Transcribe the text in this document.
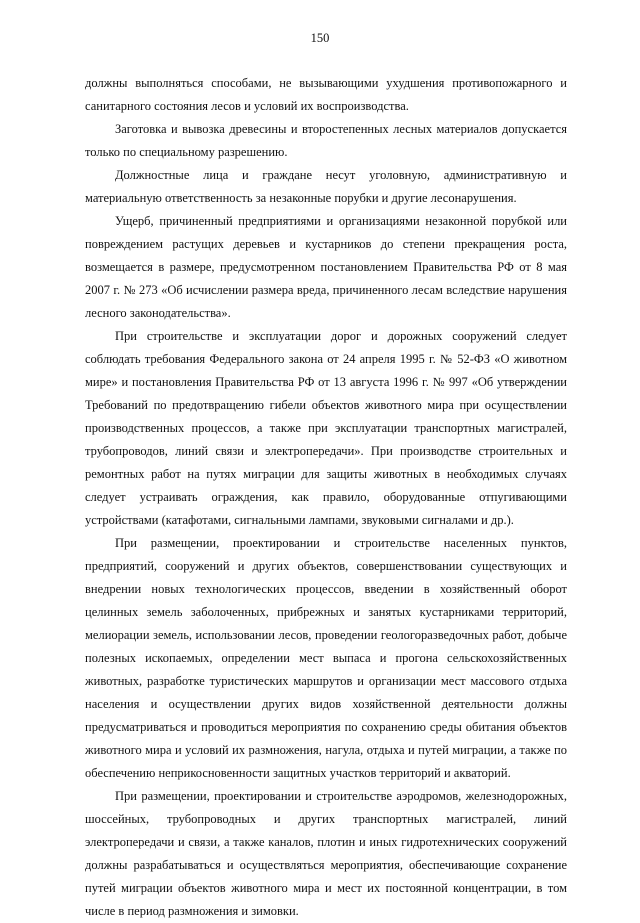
150

должны выполняться способами, не вызывающими ухудшения противопожарного и санитарного состояния лесов и условий их воспроизводства.

Заготовка и вывозка древесины и второстепенных лесных материалов допускается только по специальному разрешению.

Должностные лица и граждане несут уголовную, административную и материальную ответственность за незаконные порубки и другие лесонарушения.

Ущерб, причиненный предприятиями и организациями незаконной порубкой или повреждением растущих деревьев и кустарников до степени прекращения роста, возмещается в размере, предусмотренном постановлением Правительства РФ от 8 мая 2007 г. № 273 «Об исчислении размера вреда, причиненного лесам вследствие нарушения лесного законодательства».

При строительстве и эксплуатации дорог и дорожных сооружений следует соблюдать требования Федерального закона от 24 апреля 1995 г. № 52-ФЗ «О животном мире» и постановления Правительства РФ от 13 августа 1996 г. № 997 «Об утверждении Требований по предотвращению гибели объектов животного мира при осуществлении производственных процессов, а также при эксплуатации транспортных магистралей, трубопроводов, линий связи и электропередачи». При производстве строительных и ремонтных работ на путях миграции для защиты животных в необходимых случаях следует устраивать ограждения, как правило, оборудованные отпугивающими устройствами (катафотами, сигнальными лампами, звуковыми сигналами и др.).

При размещении, проектировании и строительстве населенных пунктов, предприятий, сооружений и других объектов, совершенствовании существующих и внедрении новых технологических процессов, введении в хозяйственный оборот целинных земель заболоченных, прибрежных и занятых кустарниками территорий, мелиорации земель, использовании лесов, проведении геологоразведочных работ, добыче полезных ископаемых, определении мест выпаса и прогона сельскохозяйственных животных, разработке туристических маршрутов и организации мест массового отдыха населения и осуществлении других видов хозяйственной деятельности должны предусматриваться и проводиться мероприятия по сохранению среды обитания объектов животного мира и условий их размножения, нагула, отдыха и путей миграции, а также по обеспечению неприкосновенности защитных участков территорий и акваторий.

При размещении, проектировании и строительстве аэродромов, железнодорожных, шоссейных, трубопроводных и других транспортных магистралей, линий электропередачи и связи, а также каналов, плотин и иных гидротехнических сооружений должны разрабатываться и осуществляться мероприятия, обеспечивающие сохранение путей миграции объектов животного мира и мест их постоянной концентрации, в том числе в период размножения и зимовки.
